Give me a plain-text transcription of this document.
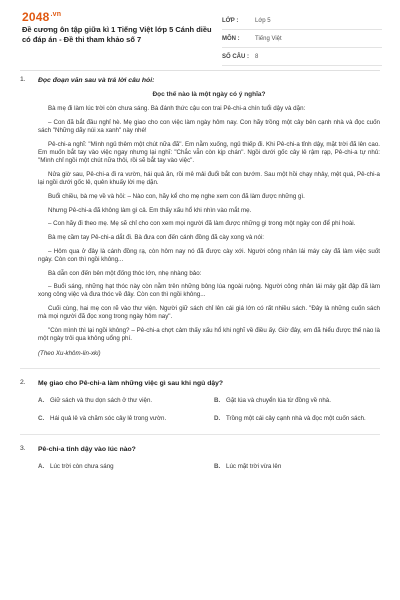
$2048^{.vn}$
Đề cương ôn tập giữa kì 1 Tiếng Việt lớp 5 Cánh diều có đáp án - Đề thi tham khảo số 7
LỚP :	Lớp 5
MÔN :	Tiếng Việt
SỐ CÂU :	8
1. Đọc đoạn văn sau và trả lời câu hỏi:
Đọc thế nào là một ngày có ý nghĩa?

Bà mẹ đi làm lúc trời còn chưa sáng. Bà đánh thức cậu con trai Pê-chi-a chín tuổi dậy và dặn:

– Con đã bắt đầu nghỉ hè. Mẹ giao cho con việc làm ngày hôm nay. Con hãy trồng một cây bên cạnh nhà và đọc cuốn sách "Những dãy núi xa xanh" này nhé!

Pê-chi-a nghĩ: "Mình ngủ thêm một chút nữa đã". Em nằm xuống, ngủ thiếp đi. Khi Pê-chi-a tỉnh dậy, mặt trời đã lên cao. Em muốn bắt tay vào việc ngay nhưng lại nghĩ: "Chắc vẫn còn kịp chán". Ngồi dưới gốc cây lê rậm rạp, Pê-chi-a tự nhủ: "Mình chỉ ngồi một chút nữa thôi, rồi sẽ bắt tay vào việc".

Nửa giờ sau, Pê-chi-a đi ra vườn, hái quả ăn, rồi mê mải đuổi bắt con bướm. Sau một hồi chạy nhảy, mệt quá, Pê-chi-a lại ngồi dưới gốc lê, quên khuấy lời mẹ dặn.

Buổi chiều, bà mẹ về và hỏi: – Nào con, hãy kể cho mẹ nghe xem con đã làm được những gì.

Nhưng Pê-chi-a đã không làm gì cả. Em thấy xấu hổ khi nhìn vào mắt mẹ.

– Con hãy đi theo mẹ. Mẹ sẽ chỉ cho con xem mọi người đã làm được những gì trong một ngày con để phí hoài.

Bà mẹ cầm tay Pê-chi-a dắt đi. Bà đưa con đến cánh đồng đã cày xong và nói:

– Hôm qua ở đây là cánh đồng rạ, còn hôm nay nó đã được cày xới. Người công nhân lái máy cày đã làm việc suốt ngày. Còn con thì ngồi không...

Bà dẫn con đến bên một đống thóc lớn, nhẹ nhàng bảo:

– Buổi sáng, những hạt thóc này còn nằm trên những bông lúa ngoài ruộng. Người công nhân lái máy gặt đập đã làm xong công việc và đưa thóc về đây. Còn con thì ngồi không...

Cuối cùng, hai mẹ con rẽ vào thư viện. Người giữ sách chỉ lên cái giá lớn có rất nhiều sách. "Đây là những cuốn sách mà mọi người đã đọc xong trong ngày hôm nay".

"Còn mình thì lại ngồi không? – Pê-chi-a chợt cảm thấy xấu hổ khi nghĩ về điều ấy. Giờ đây, em đã hiểu được thế nào là một ngày trôi qua không uổng phí.

(Theo Xu-khôm-lin-xki)

2. Mẹ giao cho Pê-chi-a làm những việc gì sau khi ngủ dậy?
A. Giữ sách và thu dọn sách ở thư viện.	B. Gặt lúa và chuyển lúa từ đồng về nhà.
C. Hái quả lê và chăm sóc cây lê trong vườn.	D. Trồng một cái cây cạnh nhà và đọc một cuốn sách.
3. Pê-chi-a tỉnh dậy vào lúc nào?
A. Lúc trời còn chưa sáng	B. Lúc mặt trời vừa lên
